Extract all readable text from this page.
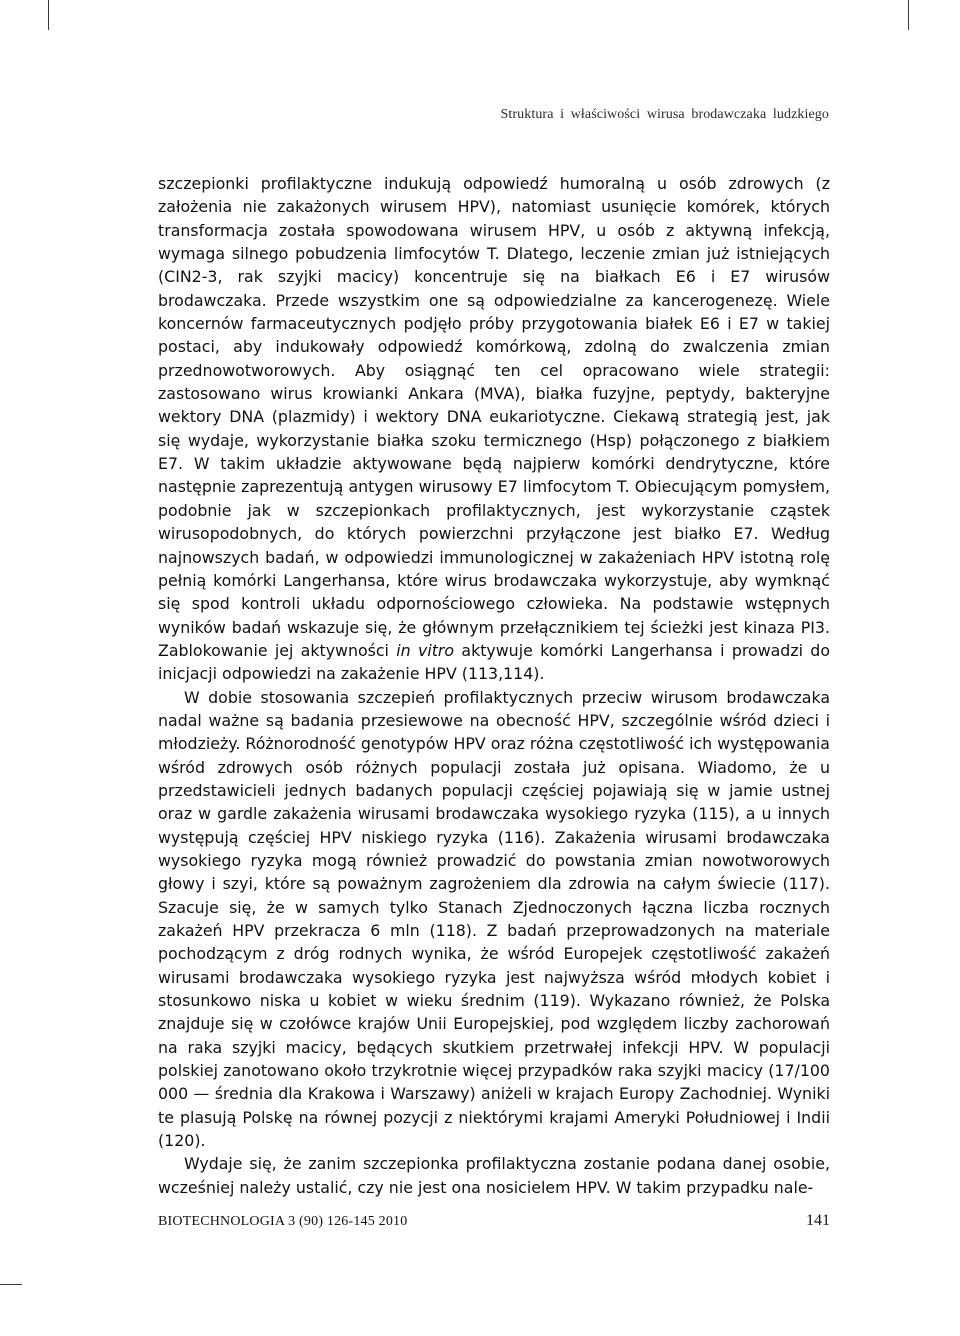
Struktura i właściwości wirusa brodawczaka ludzkiego

szczepionki profilaktyczne indukują odpowiedź humoralną u osób zdrowych (z założenia nie zakażonych wirusem HPV), natomiast usunięcie komórek, których transformacja została spowodowana wirusem HPV, u osób z aktywną infekcją, wymaga silnego pobudzenia limfocytów T. Dlatego, leczenie zmian już istniejących (CIN2-3, rak szyjki macicy) koncentruje się na białkach E6 i E7 wirusów brodawczaka. Przede wszystkim one są odpowiedzialne za kancerogenezę. Wiele koncernów farmaceutycznych podjęło próby przygotowania białek E6 i E7 w takiej postaci, aby indukowały odpowiedź komórkową, zdolną do zwalczenia zmian przednowotworowych. Aby osiągnąć ten cel opracowano wiele strategii: zastosowano wirus krowianki Ankara (MVA), białka fuzyjne, peptydy, bakteryjne wektory DNA (plazmidy) i wektory DNA eukariotyczne. Ciekawą strategią jest, jak się wydaje, wykorzystanie białka szoku termicznego (Hsp) połączonego z białkiem E7. W takim układzie aktywowane będą najpierw komórki dendrytyczne, które następnie zaprezentują antygen wirusowy E7 limfocytom T. Obiecującym pomysłem, podobnie jak w szczepionkach profilaktycznych, jest wykorzystanie cząstek wirusopodobnych, do których powierzchni przyłączone jest białko E7. Według najnowszych badań, w odpowiedzi immunologicznej w zakażeniach HPV istotną rolę pełnią komórki Langerhansa, które wirus brodawczaka wykorzystuje, aby wymknąć się spod kontroli układu odpornościowego człowieka. Na podstawie wstępnych wyników badań wskazuje się, że głównym przełącznikiem tej ścieżki jest kinaza PI3. Zablokowanie jej aktywności in vitro aktywuje komórki Langerhansa i prowadzi do inicjacji odpowiedzi na zakażenie HPV (113,114).

W dobie stosowania szczepień profilaktycznych przeciw wirusom brodawczaka nadal ważne są badania przesiewowe na obecność HPV, szczególnie wśród dzieci i młodzieży. Różnorodność genotypów HPV oraz różna częstotliwość ich występowania wśród zdrowych osób różnych populacji została już opisana. Wiadomo, że u przedstawicieli jednych badanych populacji częściej pojawiają się w jamie ustnej oraz w gardle zakażenia wirusami brodawczaka wysokiego ryzyka (115), a u innych występują częściej HPV niskiego ryzyka (116). Zakażenia wirusami brodawczaka wysokiego ryzyka mogą również prowadzić do powstania zmian nowotworowych głowy i szyi, które są poważnym zagrożeniem dla zdrowia na całym świecie (117). Szacuje się, że w samych tylko Stanach Zjednoczonych łączna liczba rocznych zakażeń HPV przekracza 6 mln (118). Z badań przeprowadzonych na materiale pochodzącym z dróg rodnych wynika, że wśród Europejek częstotliwość zakażeń wirusami brodawczaka wysokiego ryzyka jest najwyższa wśród młodych kobiet i stosunkowo niska u kobiet w wieku średnim (119). Wykazano również, że Polska znajduje się w czołówce krajów Unii Europejskiej, pod względem liczby zachorowań na raka szyjki macicy, będących skutkiem przetrwałej infekcji HPV. W populacji polskiej zanotowano około trzykrotnie więcej przypadków raka szyjki macicy (17/100 000 — średnia dla Krakowa i Warszawy) aniżeli w krajach Europy Zachodniej. Wyniki te plasują Polskę na równej pozycji z niektórymi krajami Ameryki Południowej i Indii (120).

Wydaje się, że zanim szczepionka profilaktyczna zostanie podana danej osobie, wcześniej należy ustalić, czy nie jest ona nosicielem HPV. W takim przypadku nale-

BIOTECHNOLOGIA 3 (90) 126-145 2010	141
